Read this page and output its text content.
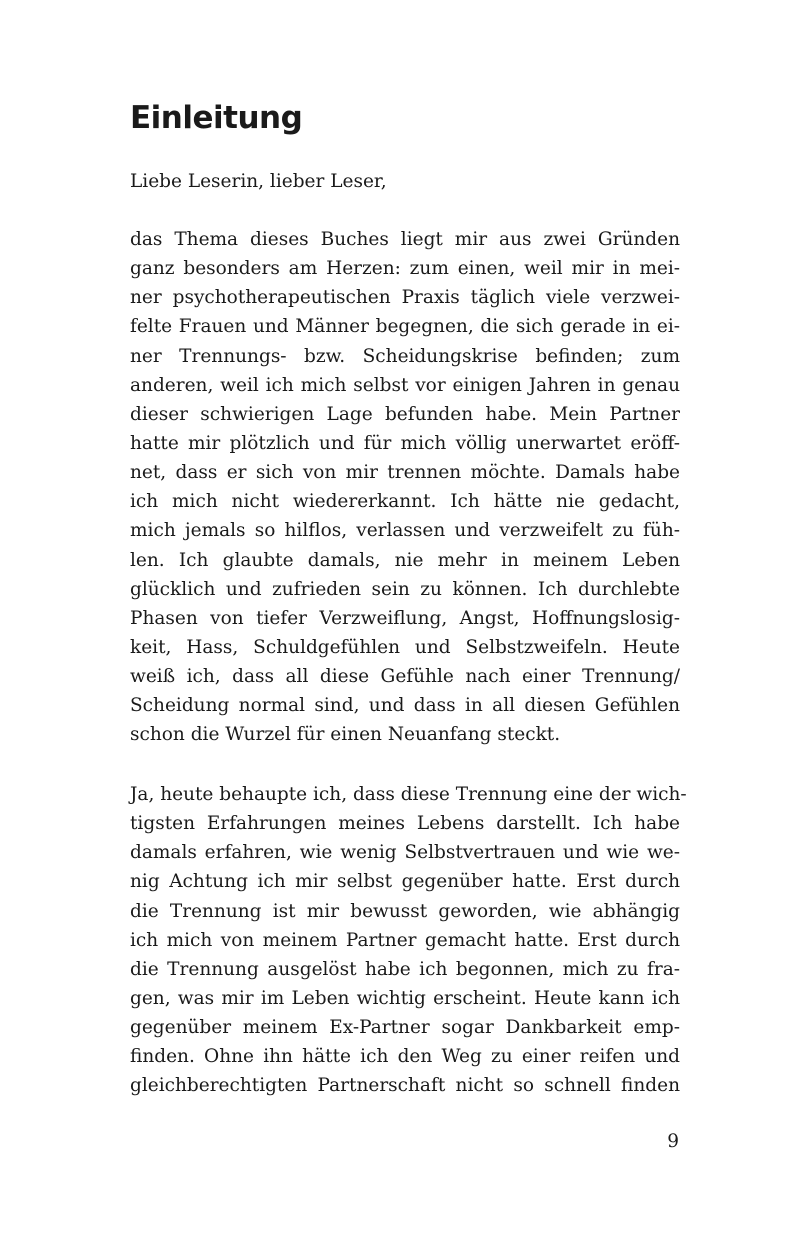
Einleitung
Liebe Leserin, lieber Leser,
das Thema dieses Buches liegt mir aus zwei Gründen
ganz besonders am Herzen: zum einen, weil mir in mei-
ner psychotherapeutischen Praxis täglich viele verzwei-
felte Frauen und Männer begegnen, die sich gerade in ei-
ner Trennungs- bzw. Scheidungskrise befinden; zum
anderen, weil ich mich selbst vor einigen Jahren in genau
dieser schwierigen Lage befunden habe. Mein Partner
hatte mir plötzlich und für mich völlig unerwartet eröff-
net, dass er sich von mir trennen möchte. Damals habe
ich mich nicht wiedererkannt. Ich hätte nie gedacht,
mich jemals so hilflos, verlassen und verzweifelt zu füh-
len. Ich glaubte damals, nie mehr in meinem Leben
glücklich und zufrieden sein zu können. Ich durchlebte
Phasen von tiefer Verzweiflung, Angst, Hoffnungslosig-
keit, Hass, Schuldgefühlen und Selbstzweifeln. Heute
weiß ich, dass all diese Gefühle nach einer Trennung/
Scheidung normal sind, und dass in all diesen Gefühlen
schon die Wurzel für einen Neuanfang steckt.
Ja, heute behaupte ich, dass diese Trennung eine der wich-
tigsten Erfahrungen meines Lebens darstellt. Ich habe
damals erfahren, wie wenig Selbstvertrauen und wie we-
nig Achtung ich mir selbst gegenüber hatte. Erst durch
die Trennung ist mir bewusst geworden, wie abhängig
ich mich von meinem Partner gemacht hatte. Erst durch
die Trennung ausgelöst habe ich begonnen, mich zu fra-
gen, was mir im Leben wichtig erscheint. Heute kann ich
gegenüber meinem Ex-Partner sogar Dankbarkeit emp-
finden. Ohne ihn hätte ich den Weg zu einer reifen und
gleichberechtigten Partnerschaft nicht so schnell finden
9
